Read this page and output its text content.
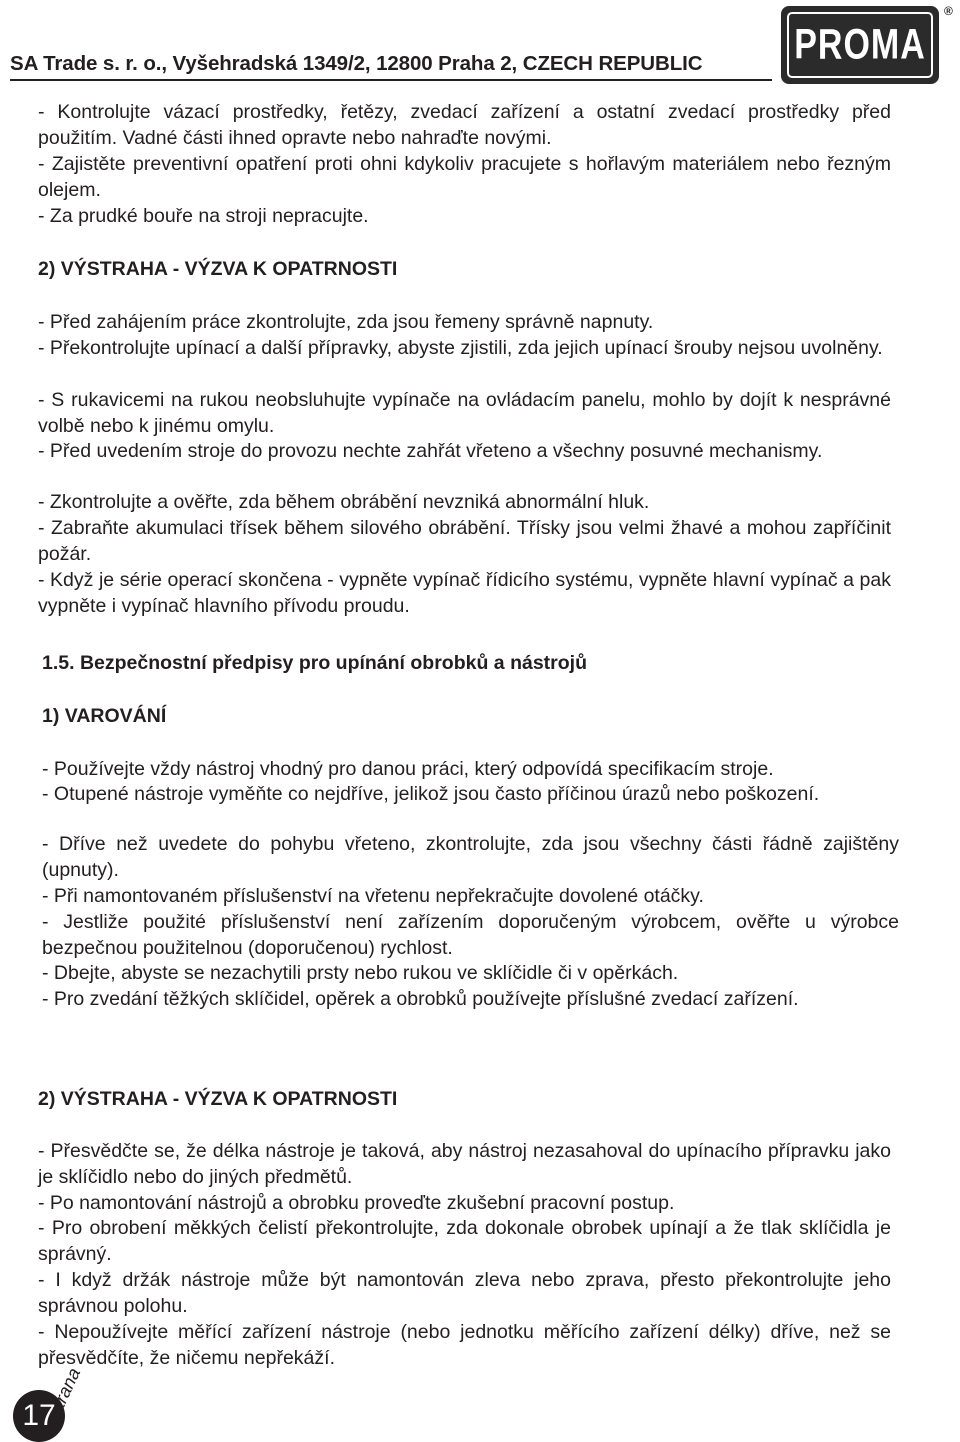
SA Trade s. r. o., Vyšehradská 1349/2, 12800 Praha 2, CZECH REPUBLIC	PROMA
®

- Kontrolujte vázací prostředky, řetězy, zvedací zařízení a ostatní zvedací prostředky před použitím. Vadné části ihned opravte nebo nahraďte novými.

- Zajistěte preventivní opatření proti ohni kdykoliv pracujete s hořlavým materiálem nebo řezným olejem.

- Za prudké bouře na stroji nepracujte.

2) VÝSTRAHA - VÝZVA K OPATRNOSTI

- Před zahájením práce zkontrolujte, zda jsou řemeny správně napnuty.

- Překontrolujte upínací a další přípravky, abyste zjistili, zda jejich upínací šrouby nejsou uvolněny.

- S rukavicemi na rukou neobsluhujte vypínače na ovládacím panelu, mohlo by dojít k nesprávné volbě nebo k jinému omylu.

- Před uvedením stroje do provozu nechte zahřát vřeteno a všechny posuvné mechanismy.

- Zkontrolujte a ověřte, zda během obrábění nevzniká abnormální hluk.

- Zabraňte akumulaci třísek během silového obrábění. Třísky jsou velmi žhavé a mohou zapříčinit požár.

- Když je série operací skončena - vypněte vypínač řídicího systému, vypněte hlavní vypínač a pak vypněte i vypínač hlavního přívodu proudu.

1.5. Bezpečnostní předpisy pro upínání obrobků a nástrojů
1) VAROVÁNÍ

- Používejte vždy nástroj vhodný pro danou práci, který odpovídá specifikacím stroje.

- Otupené nástroje vyměňte co nejdříve, jelikož jsou často příčinou úrazů nebo poškození.

- Dříve než uvedete do pohybu vřeteno, zkontrolujte, zda jsou všechny části řádně zajištěny (upnuty).

- Při namontovaném příslušenství na vřetenu nepřekračujte dovolené otáčky.

- Jestliže použité příslušenství není zařízením doporučeným výrobcem, ověřte u výrobce bezpečnou použitelnou (doporučenou) rychlost.

- Dbejte, abyste se nezachytili prsty nebo rukou ve sklíčidle či v opěrkách.

- Pro zvedání těžkých sklíčidel, opěrek a obrobků používejte příslušné zvedací zařízení.

2) VÝSTRAHA - VÝZVA K OPATRNOSTI

- Přesvědčte se, že délka nástroje je taková, aby nástroj nezasahoval do upínacího přípravku jako je sklíčidlo nebo do jiných předmětů.

- Po namontování nástrojů a obrobku proveďte zkušební pracovní postup.

- Pro obrobení měkkých čelistí překontrolujte, zda dokonale obrobek upínají a že tlak sklíčidla je správný.

- I když držák nástroje může být namontován zleva nebo zprava, přesto překontrolujte jeho správnou polohu.

- Nepoužívejte měřící zařízení nástroje (nebo jednotku měřícího zařízení délky) dříve, než se přesvědčíte, že ničemu nepřekáží.

17
strana
